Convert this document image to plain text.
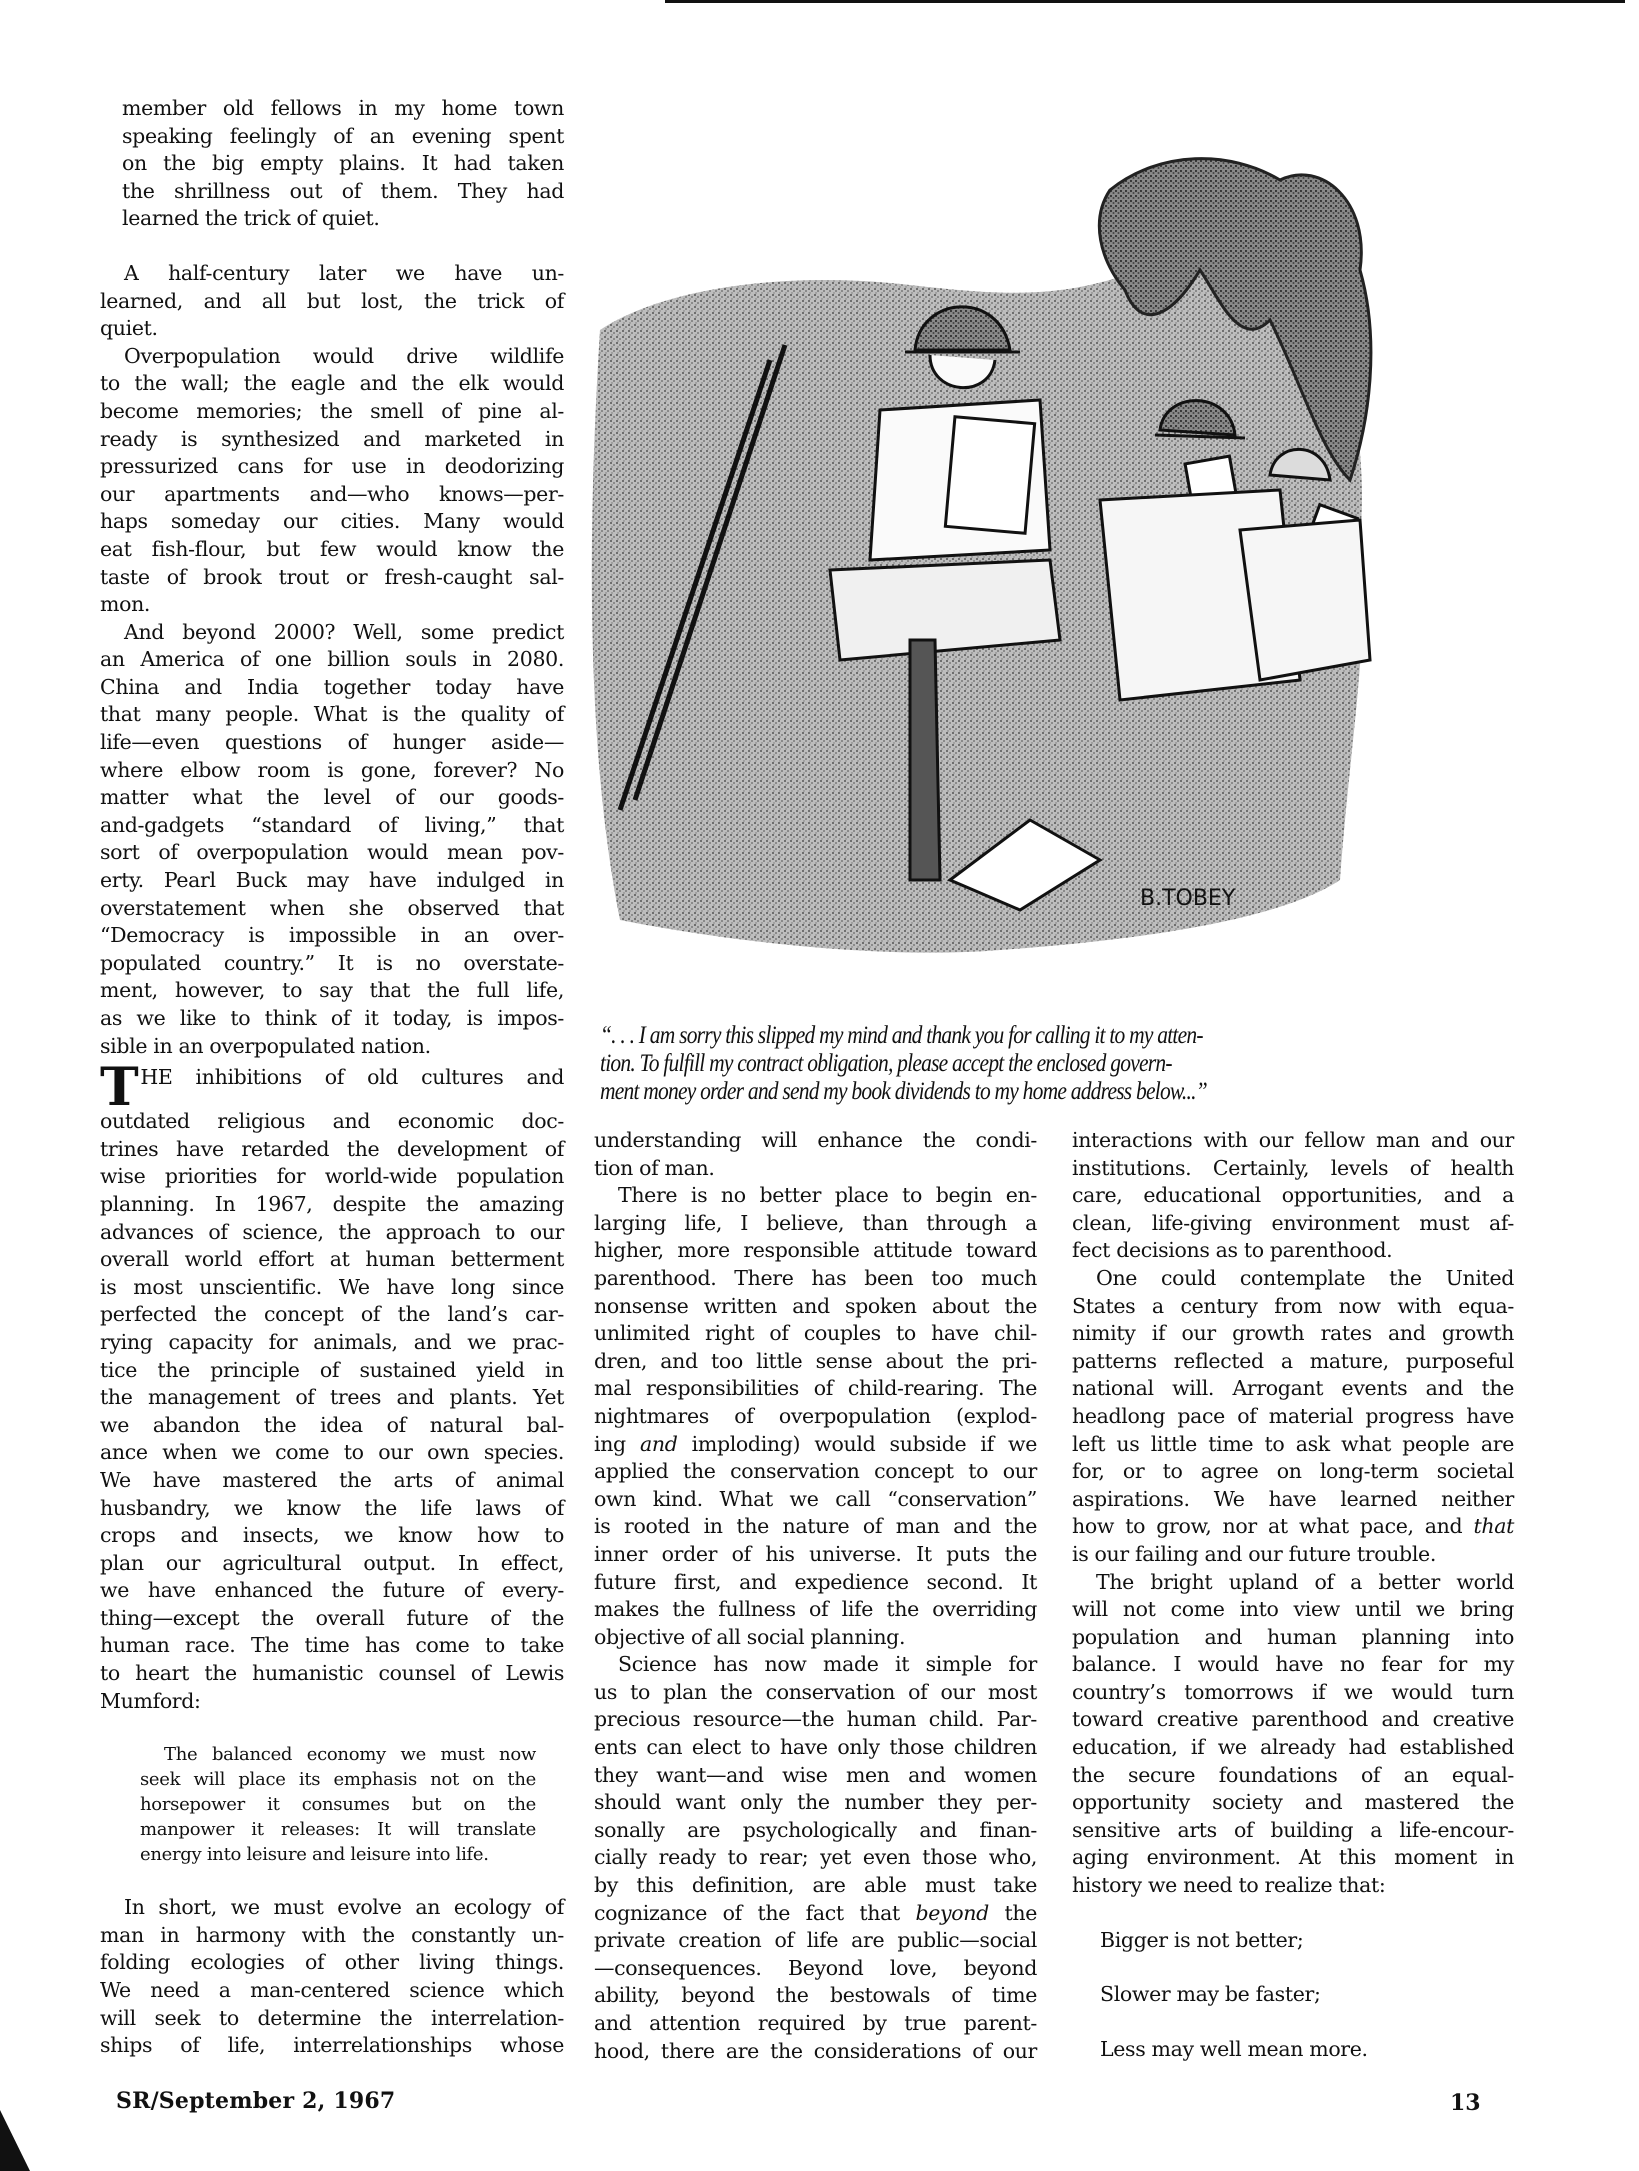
B.TOBEY
“. . . I am sorry this slipped my mind and thank you for calling it to my atten-
tion. To fulfill my contract obligation, please accept the enclosed govern-
ment money order and send my book dividends to my home address below...”
member old fellows in my home town
speaking feelingly of an evening spent
on the big empty plains. It had taken
the shrillness out of them. They had
learned the trick of quiet.
A half-century later we have un-
learned, and all but lost, the trick of
quiet.
Overpopulation would drive wildlife
to the wall; the eagle and the elk would
become memories; the smell of pine al-
ready is synthesized and marketed in
pressurized cans for use in deodorizing
our apartments and—who knows—per-
haps someday our cities. Many would
eat fish-flour, but few would know the
taste of brook trout or fresh-caught sal-
mon.
And beyond 2000? Well, some predict
an America of one billion souls in 2080.
China and India together today have
that many people. What is the quality of
life—even questions of hunger aside—
where elbow room is gone, forever? No
matter what the level of our goods-
and-gadgets “standard of living,” that
sort of overpopulation would mean pov-
erty. Pearl Buck may have indulged in
overstatement when she observed that
“Democracy is impossible in an over-
populated country.” It is no overstate-
ment, however, to say that the full life,
as we like to think of it today, is impos-
sible in an overpopulated nation.
T HE inhibitions of old cultures and
outdated religious and economic doc-
trines have retarded the development of
wise priorities for world-wide population
planning. In 1967, despite the amazing
advances of science, the approach to our
overall world effort at human betterment
is most unscientific. We have long since
perfected the concept of the land’s car-
rying capacity for animals, and we prac-
tice the principle of sustained yield in
the management of trees and plants. Yet
we abandon the idea of natural bal-
ance when we come to our own species.
We have mastered the arts of animal
husbandry, we know the life laws of
crops and insects, we know how to
plan our agricultural output. In effect,
we have enhanced the future of every-
thing—except the overall future of the
human race. The time has come to take
to heart the humanistic counsel of Lewis
Mumford:
The balanced economy we must now
seek will place its emphasis not on the
horsepower it consumes but on the
manpower it releases: It will translate
energy into leisure and leisure into life.
In short, we must evolve an ecology of
man in harmony with the constantly un-
folding ecologies of other living things.
We need a man-centered science which
will seek to determine the interrelation-
ships of life, interrelationships whose
understanding will enhance the condi-
tion of man.
There is no better place to begin en-
larging life, I believe, than through a
higher, more responsible attitude toward
parenthood. There has been too much
nonsense written and spoken about the
unlimited right of couples to have chil-
dren, and too little sense about the pri-
mal responsibilities of child-rearing. The
nightmares of overpopulation (explod-
ing and imploding) would subside if we
applied the conservation concept to our
own kind. What we call “conservation”
is rooted in the nature of man and the
inner order of his universe. It puts the
future first, and expedience second. It
makes the fullness of life the overriding
objective of all social planning.
Science has now made it simple for
us to plan the conservation of our most
precious resource—the human child. Par-
ents can elect to have only those children
they want—and wise men and women
should want only the number they per-
sonally are psychologically and finan-
cially ready to rear; yet even those who,
by this definition, are able must take
cognizance of the fact that beyond the
private creation of life are public—social
—consequences. Beyond love, beyond
ability, beyond the bestowals of time
and attention required by true parent-
hood, there are the considerations of our
interactions with our fellow man and our
institutions. Certainly, levels of health
care, educational opportunities, and a
clean, life-giving environment must af-
fect decisions as to parenthood.
One could contemplate the United
States a century from now with equa-
nimity if our growth rates and growth
patterns reflected a mature, purposeful
national will. Arrogant events and the
headlong pace of material progress have
left us little time to ask what people are
for, or to agree on long-term societal
aspirations. We have learned neither
how to grow, nor at what pace, and that
is our failing and our future trouble.
The bright upland of a better world
will not come into view until we bring
population and human planning into
balance. I would have no fear for my
country’s tomorrows if we would turn
toward creative parenthood and creative
education, if we already had established
the secure foundations of an equal-
opportunity society and mastered the
sensitive arts of building a life-encour-
aging environment. At this moment in
history we need to realize that:
Bigger is not better;
Slower may be faster;
Less may well mean more.
SR/September 2, 1967	13
